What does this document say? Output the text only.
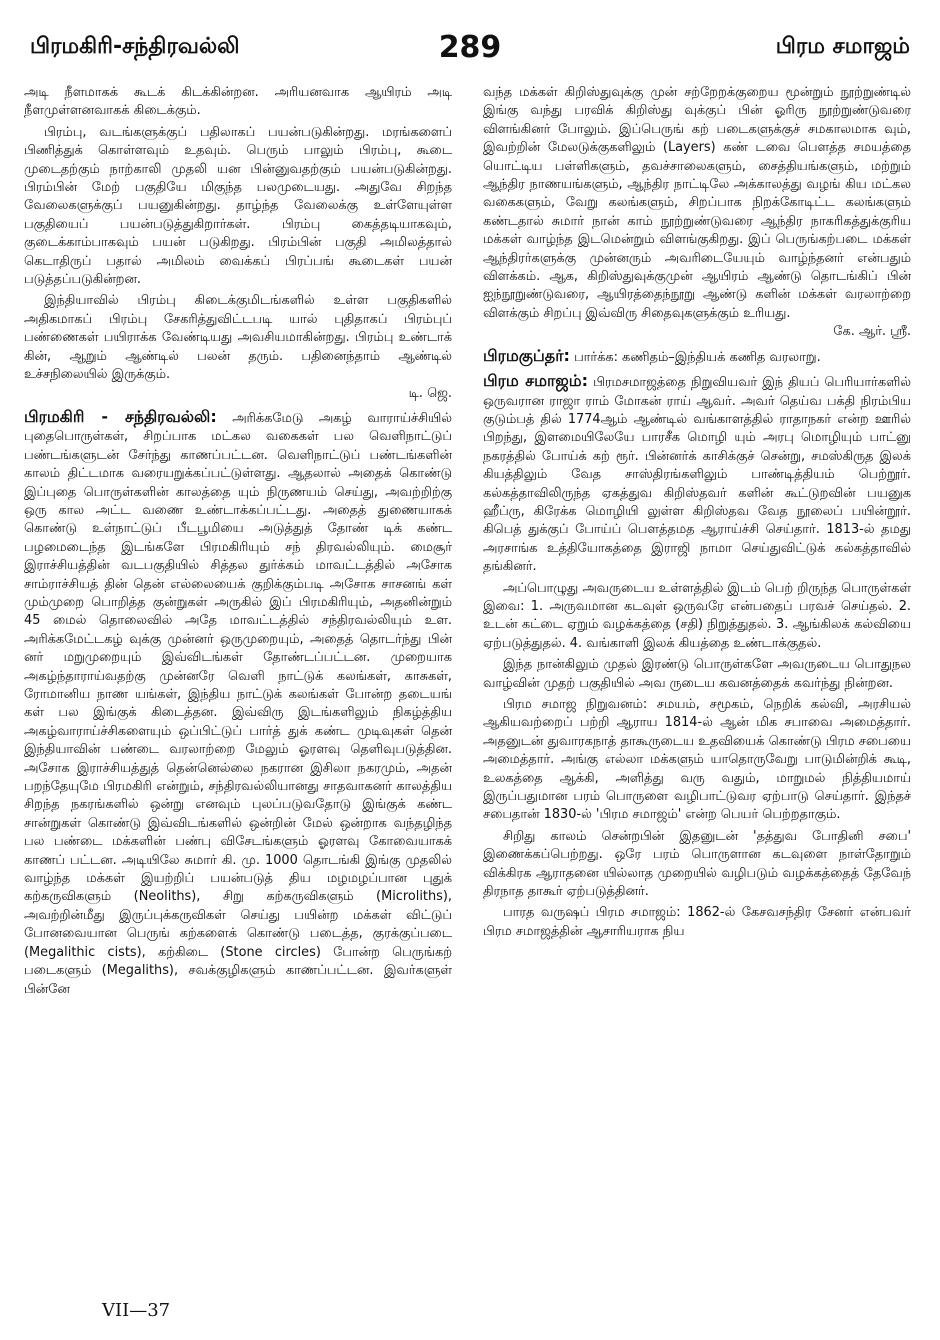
பிரமகிரி-சந்திரவல்லி	289	பிரம சமாஜம்

அடி நீளமாகக் கூடக் கிடக்கின்றன. அரியனவாக ஆயிரம் அடி நீளமுள்ளனவாகக் கிடைக்கும்.

பிரம்பு, வடங்களுக்குப் பதிலாகப் பயன்படுகின்றது. மரங்களைப் பிணித்துக் கொள்ளவும் உதவும். பெரும் பாலும் பிரம்பு, கூடை முடைதற்கும் நாற்காலி முதலி யன பின்னுவதற்கும் பயன்படுகின்றது. பிரம்பின் மேற் பகுதியே மிகுந்த பலமுடையது. அதுவே சிறந்த வேலைகளுக்குப் பயனுகின்றது. தாழ்ந்த வேலைக்கு உள்ளேயுள்ள பகுதியைப் பயன்படுத்துகிறார்கள். பிரம்பு கைத்தடியாகவும், குடைக்காம்பாகவும் பயன் படுகிறது. பிரம்பின் பகுதி அமிலத்தால் கெடாதிருப் பதால் அமிலம் வைக்கப் பிரப்பங் கூடைகள் பயன் படுத்தப்படுகின்றன.

இந்தியாவில் பிரம்பு கிடைக்குமிடங்களில் உள்ள பகுதிகளில் அதிகமாகப் பிரம்பு சேகரித்துவிட்டபடி யால் புதிதாகப் பிரம்புப் பண்ணைகள் பயிராக்க வேண்டியது அவசியமாகின்றது. பிரம்பு உண்டாக் கின், ஆறும் ஆண்டில் பலன் தரும். பதினைந்தாம் ஆண்டில் உச்சநிலையில் இருக்கும்.
டி. ஜெ.

பிரமகிரி - சந்திரவல்லி: அரிக்கமேடு அகழ் வாராய்ச்சியில் புதைபொருள்கள், சிறப்பாக மட்கல வகைகள் பல வெளிநாட்டுப் பண்டங்களுடன் சேர்ந்து காணப்பட்டன. வெளிநாட்டுப் பண்டங்களின் காலம் திட்டமாக வரையறுக்கப்பட்டுள்ளது. ஆதலால் அதைக் கொண்டு இப்புதை பொருள்களின் காலத்தை யும் நிருணயம் செய்து, அவற்றிற்கு ஒரு கால அட்ட வணை உண்டாக்கப்பட்டது. அதைத் துணையாகக் கொண்டு உள்நாட்டுப் பீடபூமியை அடுத்துத் தோண் டிக் கண்ட பழமைடைந்த இடங்களே பிரமகிரியும் சந் திரவல்லியும். மைசூர் இராச்சியத்தின் வடபகுதியில் சித்தல துர்க்கம் மாவட்டத்தில் அசோக சாம்ராச்சியத் தின் தென் எல்லையைக் குறிக்கும்படி அசோக சாசனங் கள் மும்முறை பொறித்த குன்றுகள் அருகில் இப் பிரமகிரியும், அதனின்றும் 45 மைல் தொலைவில் அதே மாவட்டத்தில் சந்திரவல்லியும் உள. அரிக்கமேட்டகழ் வுக்கு முன்னர் ஒருமுறையும், அதைத் தொடர்ந்து பின் னர் மறுமுறையும் இவ்விடங்கள் தோண்டப்பட்டன. முறையாக அகழ்ந்தாராய்வதற்கு முன்னரே வெளி நாட்டுக் கலங்கள், காசுகள், ரோமானிய நாண யங்கள், இந்திய நாட்டுக் கலங்கள் போன்ற தடையங் கள் பல இங்குக் கிடைத்தன. இவ்விரு இடங்களிலும் நிகழ்த்திய அகழ்வாராய்ச்சிகளையும் ஒப்பிட்டுப் பார்த் துக் கண்ட முடிவுகள் தென் இந்தியாவின் பண்டை வரலாற்றை மேலும் ஓரளவு தெளிவுபடுத்தின. அசோக இராச்சியத்துத் தென்னெல்லை நகரான இசிலா நகரமும், அதன் பறந்தேயுமே பிரமகிரி என்றும், சந்திரவல்லியானது சாதவாகனர் காலத்திய சிறந்த நகரங்களில் ஒன்று எனவும் புலப்படுவதோடு இங்குக் கண்ட சான்றுகள் கொண்டு இவ்விடங்களில் ஒன்றின் மேல் ஒன்றாக வந்தழிந்த பல பண்டை மக்களின் பண்பு விசேடங்களும் ஓரளவு கோவையாகக் காணப் பட்டன. அடியிலே சுமார் கி. மு. 1000 தொடங்கி இங்கு முதலில் வாழ்ந்த மக்கள் இயற்றிப் பயன்படுத் திய மழமழப்பான புதுக் கற்கருவிகளும் (Neoliths), சிறு கற்கருவிகளும் (Microliths), அவற்றின்மீது இருப்புக்கருவிகள் செய்து பயின்ற மக்கள் விட்டுப் போனவையான பெருங் கற்களைக் கொண்டு படைத்த, குரக்குப்படை (Megalithic cists), கற்கிடை (Stone circles) போன்ற பெருங்கற் படைகளும் (Megaliths), சவக்குழிகளும் காணப்பட்டன. இவர்களுள் பின்னே

வந்த மக்கள் கிறிஸ்துவுக்கு முன் சற்றேறக்குறைய மூன்றும் நூற்றுண்டில் இங்கு வந்து பரவிக் கிறிஸ்து வுக்குப் பின் ஓரிரு நூற்றுண்டுவரை விளங்கினர் போலும். இப்பெருங் கற் படைகளுக்குச் சமகாலமாக வும், இவற்றின் மேலடுக்குகளிலும் (Layers) கண் டவை பௌத்த சமயத்தை யொட்டிய பள்ளிகளும், தவச்சாலைகளும், சைத்தியங்களும், மற்றும் ஆந்திர நாணயங்களும், ஆந்திர நாட்டிலே அக்காலத்து வழங் கிய மட்கல வகைகளும், வேறு கலங்களும், சிறப்பாக நிறக்கோடிட்ட கலங்களும் கண்டதால் சுமார் நான் காம் நூற்றுண்டுவரை ஆந்திர நாகரிகத்துக்குரிய மக்கள் வாழ்ந்த இடமென்றும் விளங்குகிறது. இப் பெருங்கற்படை மக்கள் ஆந்திரர்களுக்கு முன்னரும் அவரிடையேயும் வாழ்ந்தனர் என்பதும் விளக்கம். ஆக, கிறிஸ்துவுக்குமுன் ஆயிரம் ஆண்டு தொடங்கிப் பின் ஐந்நூறுண்டுவரை, ஆயிரத்தைந்நூறு ஆண்டு களின் மக்கள் வரலாற்றை விளக்கும் சிறப்பு இவ்விரு சிதைவுகளுக்கும் உரியது.
கே. ஆர். ஸ்ரீ.

பிரமகுப்தர்: பார்க்க: கணிதம்–இந்தியக் கணித வரலாறு.

பிரம சமாஜம்: பிரமசமாஜத்தை நிறுவியவர் இந் தியப் பெரியார்களில் ஒருவரான ராஜா ராம் மோகன் ராய் ஆவர். அவர் தெய்வ பக்தி நிரம்பிய குடும்பத் தில் 1774ஆம் ஆண்டில் வங்காளத்தில் ராதாநகர் என்ற ஊரில் பிறந்து, இளமையிலேயே பாரசீக மொழி யும் அரபு மொழியும் பாட்னு நகரத்தில் போய்க் கற் ரூர். பின்னர்க் காசிக்குச் சென்று, சமஸ்கிருத இலக் கியத்திலும் வேத சாஸ்திரங்களிலும் பாண்டித்தியம் பெற்றூர். கல்கத்தாவிலிருந்த ஏகத்துவ கிறிஸ்தவர் களின் கூட்டுறவின் பயனுக ஹீப்ரு, கிரேக்க மொழியி லுள்ள கிறிஸ்தவ வேத நூலைப் பயின்றூர். கிபெத் துக்குப் போய்ப் பௌத்தமத ஆராய்ச்சி செய்தார். 1813-ல் தமது அரசாங்க உத்தியோகத்தை இராஜி நாமா செய்துவிட்டுக் கல்கத்தாவில் தங்கினர்.

அப்பொழுது அவருடைய உள்ளத்தில் இடம் பெற் றிருந்த பொருள்கள் இவை: 1. அருவமான கடவுள் ஒருவரே என்பதைப் பரவச் செய்தல். 2. உடன் கட்டை ஏறும் வழக்கத்தை (சதி) நிறுத்துதல். 3. ஆங்கிலக் கல்வியை ஏற்படுத்துதல். 4. வங்காளி இலக் கியத்தை உண்டாக்குதல்.

இந்த நான்கிலும் முதல் இரண்டு பொருள்களே அவருடைய பொதுநல வாழ்வின் முதற் பகுதியில் அவ ருடைய கவனத்தைக் கவர்ந்து நின்றன.

பிரம சமாஜ நிறுவனம்: சமயம், சமூகம், நெறிக் கல்வி, அரசியல் ஆகியவற்றைப் பற்றி ஆராய 1814-ல் ஆன் மிக சபாவை அமைத்தார். அதனுடன் துவாரகநாத் தாகூருடைய உதவியைக் கொண்டு பிரம சபையை அமைத்தார். அங்கு எல்லா மக்களும் யாதொருவேறு பாடுமின்றிக் கூடி, உலகத்தை ஆக்கி, அளித்து வரு வதும், மாறுமல் நித்தியமாய் இருப்பதுமான பரம் பொருளை வழிபாட்டுவர ஏற்பாடு செய்தார். இந்தச் சபைதான் 1830-ல் 'பிரம சமாஜம்' என்ற பெயர் பெற்றதாகும்.

சிறிது காலம் சென்றபின் இதனுடன் 'தத்துவ போதினி சபை' இணைக்கப்பெற்றது. ஒரே பரம் பொருளான கடவுளை நாள்தோறும் விக்கிரக ஆராதனை யில்லாத முறையில் வழிபடும் வழக்கத்தைத் தேவேந் திரநாத தாகூர் ஏற்படுத்தினர்.

பாரத வருஷப் பிரம சமாஜம்: 1862-ல் கேசவசந்திர சேனர் என்பவர் பிரம சமாஜத்தின் ஆசாரியராக நிய

VII—37
